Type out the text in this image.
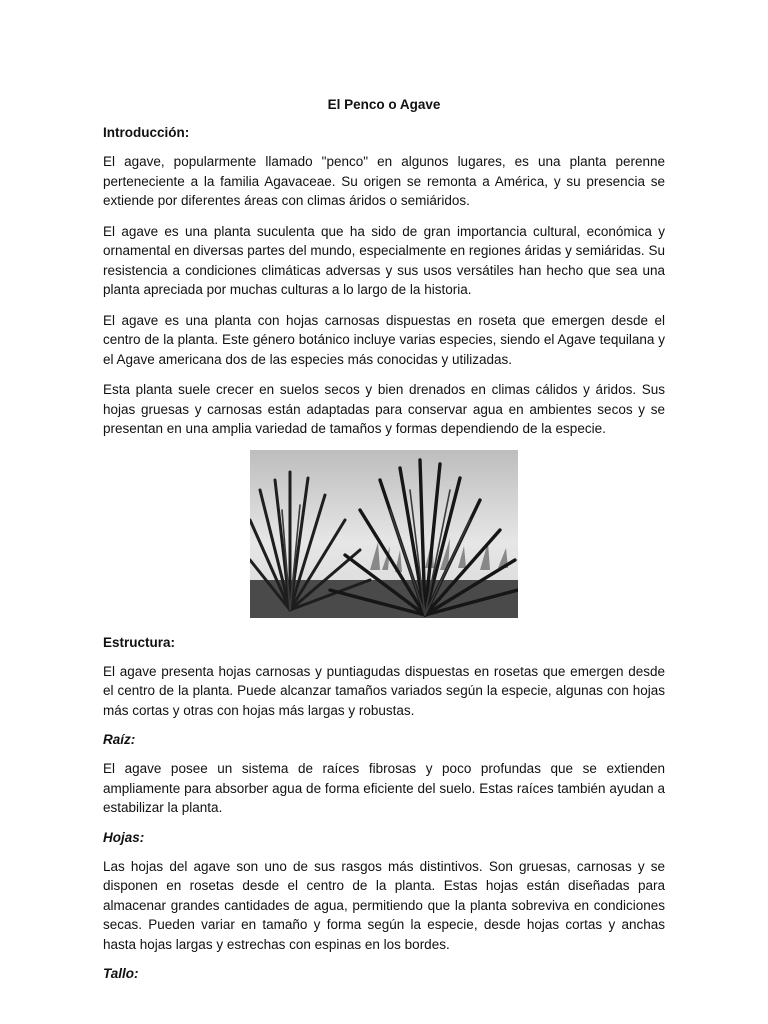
El Penco o Agave
Introducción:

El agave, popularmente llamado "penco" en algunos lugares, es una planta perenne perteneciente a la familia Agavaceae. Su origen se remonta a América, y su presencia se extiende por diferentes áreas con climas áridos o semiáridos.

El agave es una planta suculenta que ha sido de gran importancia cultural, económica y ornamental en diversas partes del mundo, especialmente en regiones áridas y semiáridas. Su resistencia a condiciones climáticas adversas y sus usos versátiles han hecho que sea una planta apreciada por muchas culturas a lo largo de la historia.

El agave es una planta con hojas carnosas dispuestas en roseta que emergen desde el centro de la planta. Este género botánico incluye varias especies, siendo el Agave tequilana y el Agave americana dos de las especies más conocidas y utilizadas.

Esta planta suele crecer en suelos secos y bien drenados en climas cálidos y áridos. Sus hojas gruesas y carnosas están adaptadas para conservar agua en ambientes secos y se presentan en una amplia variedad de tamaños y formas dependiendo de la especie.

Estructura:

El agave presenta hojas carnosas y puntiagudas dispuestas en rosetas que emergen desde el centro de la planta. Puede alcanzar tamaños variados según la especie, algunas con hojas más cortas y otras con hojas más largas y robustas.

Raíz:

El agave posee un sistema de raíces fibrosas y poco profundas que se extienden ampliamente para absorber agua de forma eficiente del suelo. Estas raíces también ayudan a estabilizar la planta.

Hojas:

Las hojas del agave son uno de sus rasgos más distintivos. Son gruesas, carnosas y se disponen en rosetas desde el centro de la planta. Estas hojas están diseñadas para almacenar grandes cantidades de agua, permitiendo que la planta sobreviva en condiciones secas. Pueden variar en tamaño y forma según la especie, desde hojas cortas y anchas hasta hojas largas y estrechas con espinas en los bordes.

Tallo:
